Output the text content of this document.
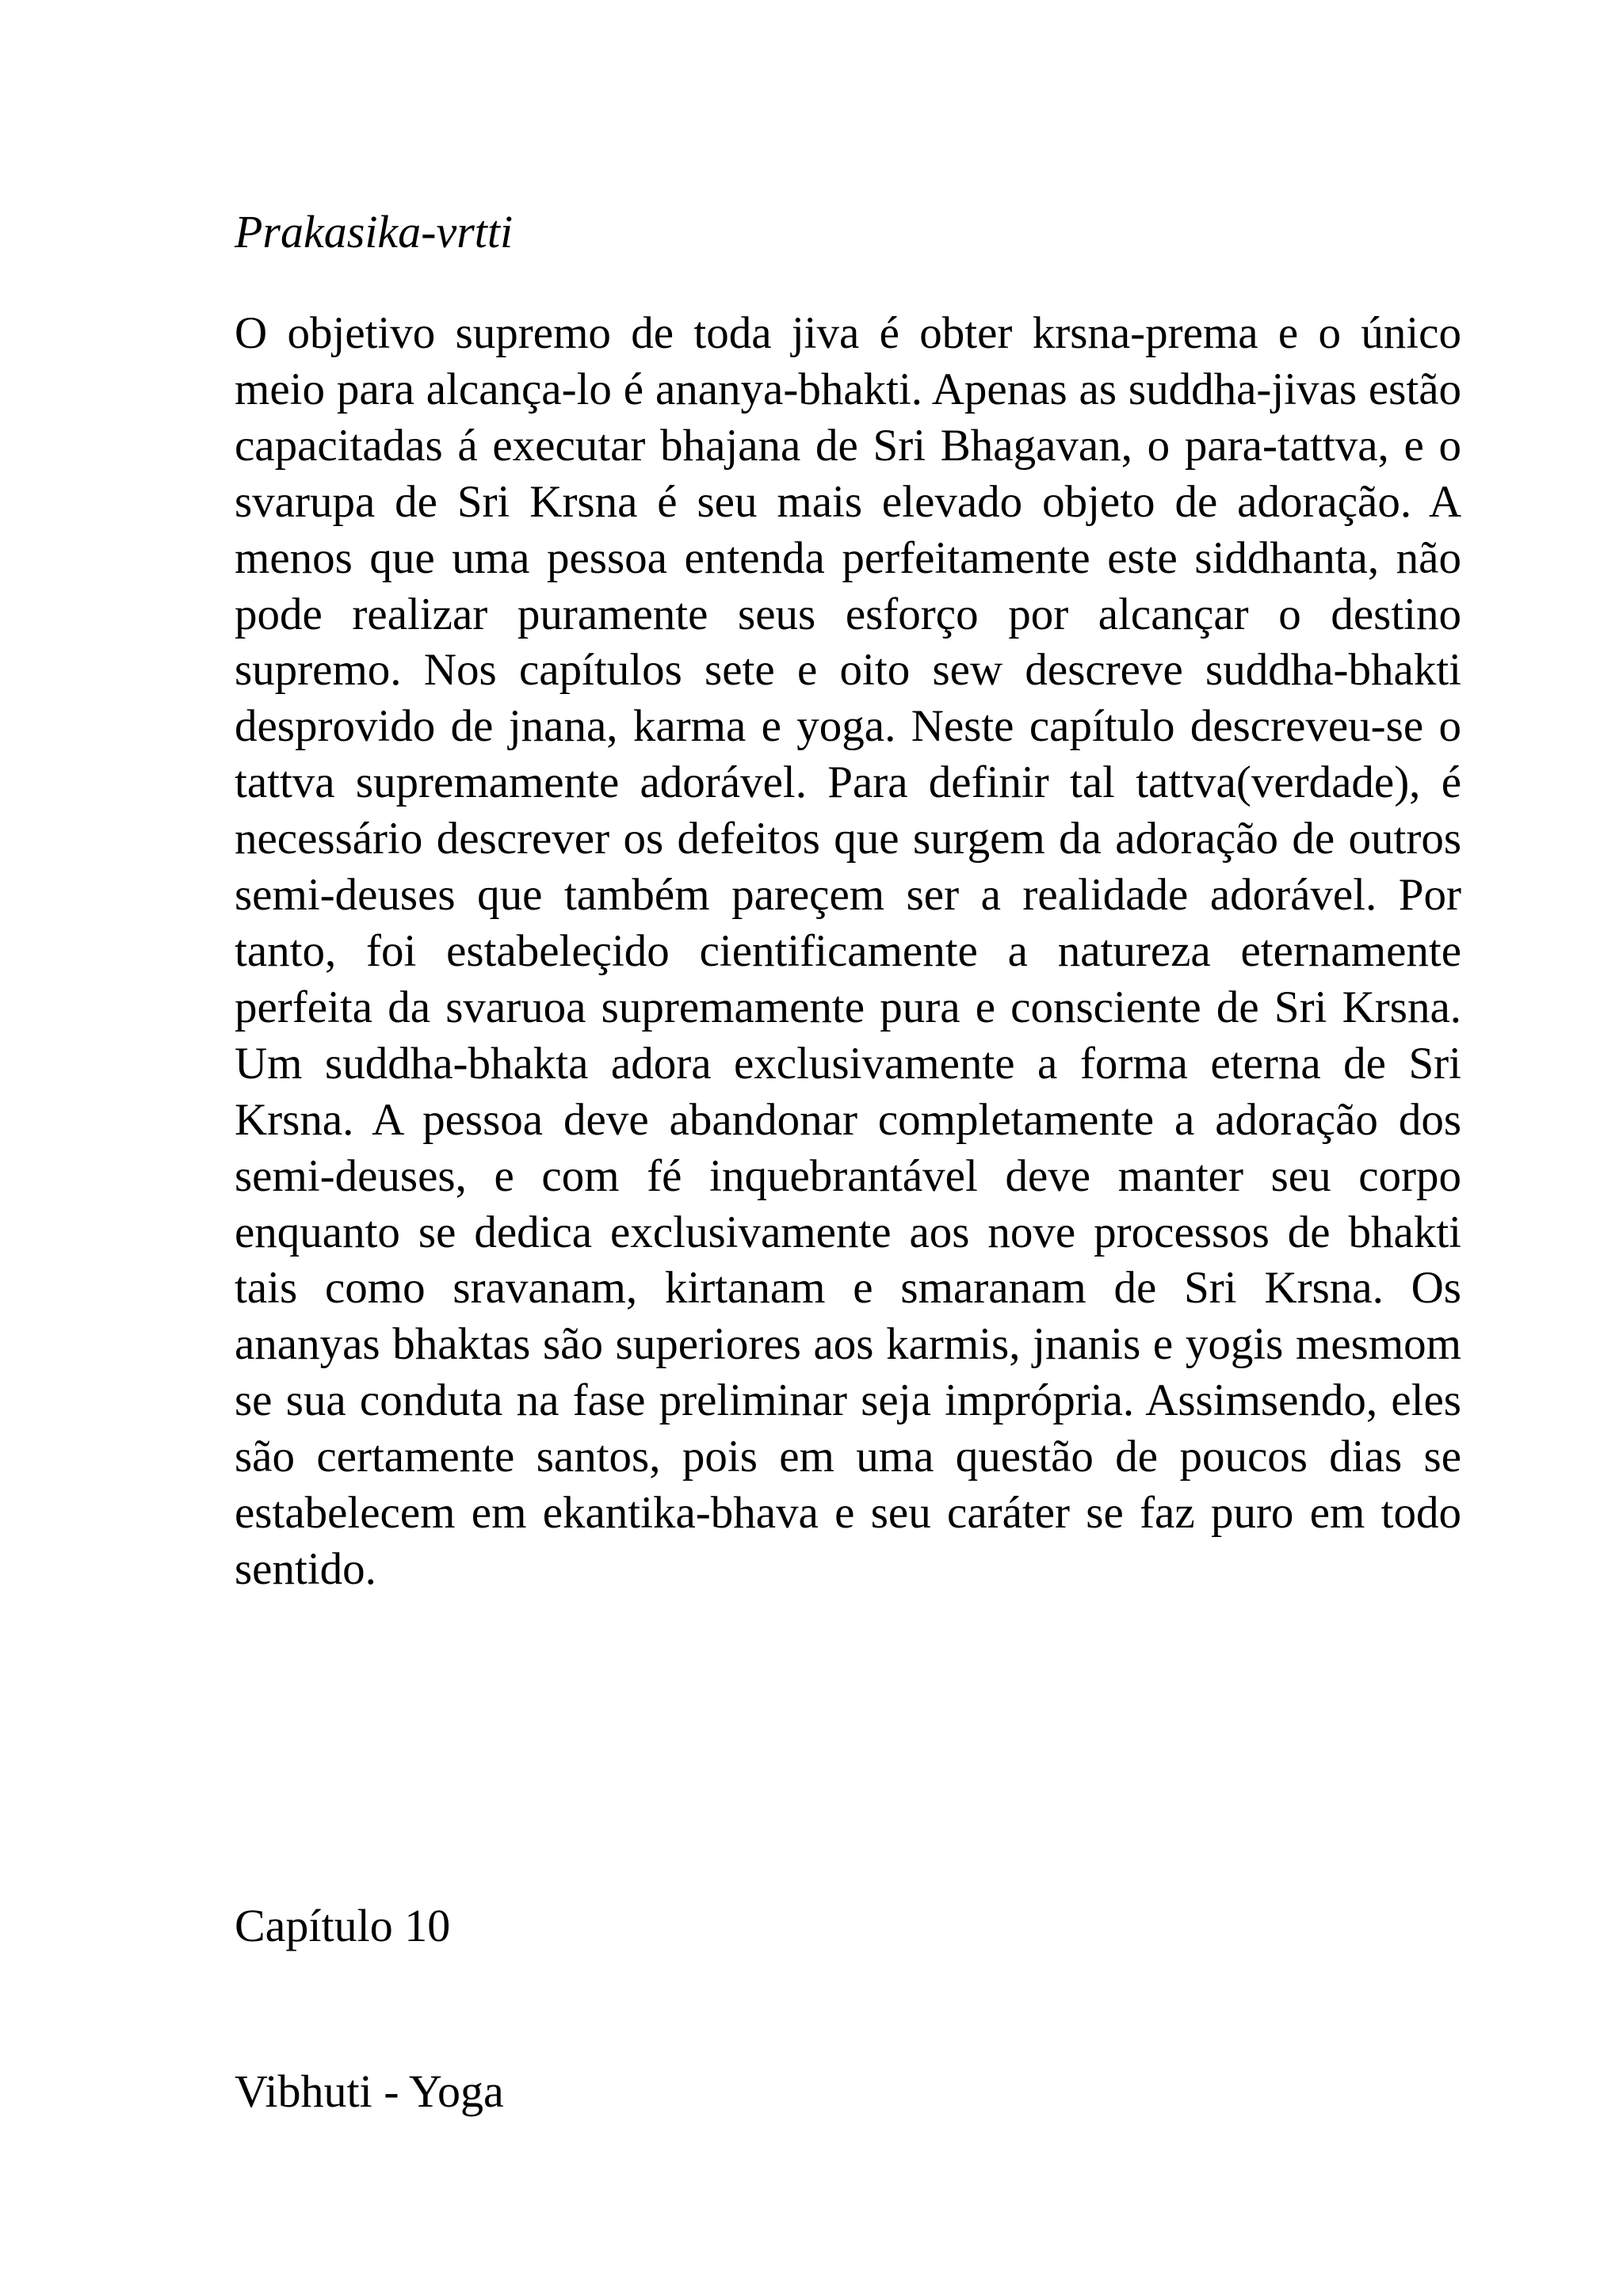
Prakasika-vrtti

O objetivo supremo de toda jiva é obter krsna-prema e o único meio para alcança-lo é ananya-bhakti. Apenas as suddha-jivas estão capacitadas á executar bhajana de Sri Bhagavan, o para-tattva, e o svarupa de Sri Krsna é seu mais elevado objeto de adoração. A menos que uma pessoa entenda perfeitamente este siddhanta, não pode realizar puramente seus esforço por alcançar o destino supremo. Nos capítulos sete e oito sew descreve suddha-bhakti desprovido de jnana, karma e yoga. Neste capítulo descreveu-se o tattva supremamente adorável. Para definir tal tattva(verdade), é necessário descrever os defeitos que surgem da adoração de outros semi-deuses que também pareçem ser a realidade adorável. Por tanto, foi estabeleçido cientificamente a natureza eternamente perfeita da svaruoa supremamente pura e consciente de Sri Krsna. Um suddha-bhakta adora exclusivamente a forma eterna de Sri Krsna. A pessoa deve abandonar completamente a adoração dos semi-deuses, e com fé inquebrantável deve manter seu corpo enquanto se dedica exclusivamente aos nove processos de bhakti tais como sravanam, kirtanam e smaranam de Sri Krsna. Os ananyas bhaktas são superiores aos karmis, jnanis e yogis mesmom se sua conduta na fase preliminar seja imprópria. Assimsendo, eles são certamente santos, pois em uma questão de poucos dias se estabelecem em ekantika-bhava e seu caráter se faz puro em todo sentido.

Capítulo 10

Vibhuti - Yoga
